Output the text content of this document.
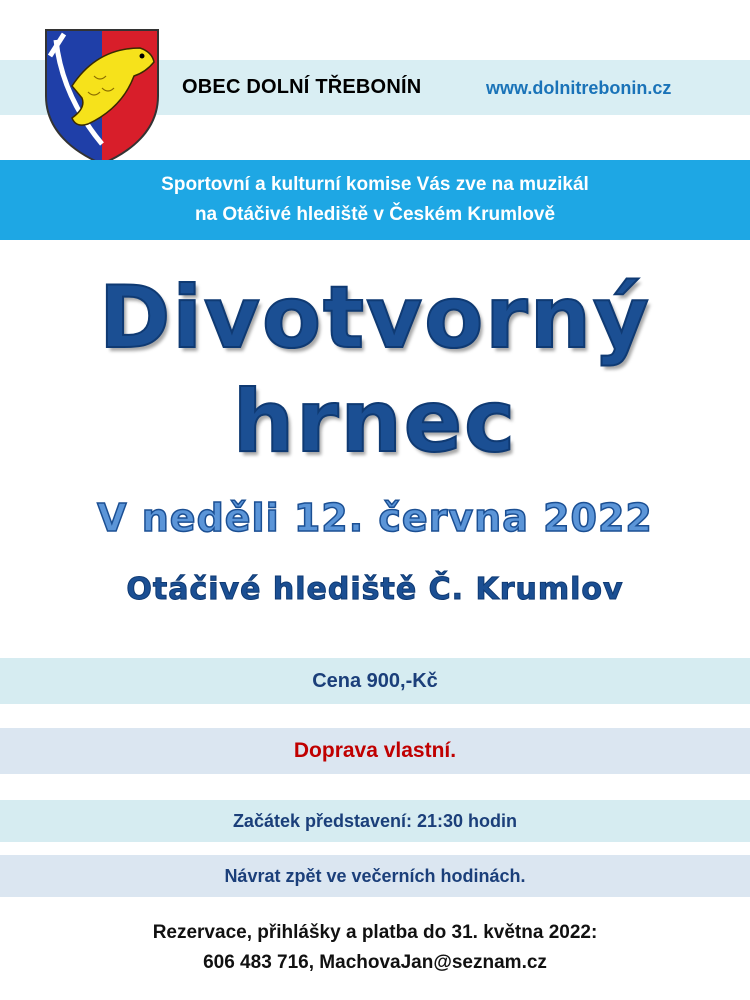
OBEC DOLNÍ TŘEBONÍN	www.dolnitrebonin.cz
Sportovní a kulturní komise Vás zve na muzikál
na Otáčivé hlediště v Českém Krumlově
Divotvorný
hrnec
V neděli 12. června 2022
Otáčivé hlediště Č. Krumlov
Cena 900,-Kč
Doprava vlastní.
Začátek představení: 21:30 hodin
Návrat zpět ve večerních hodinách.
Rezervace, přihlášky a platba do 31. května 2022:
606 483 716, MachovaJan@seznam.cz
